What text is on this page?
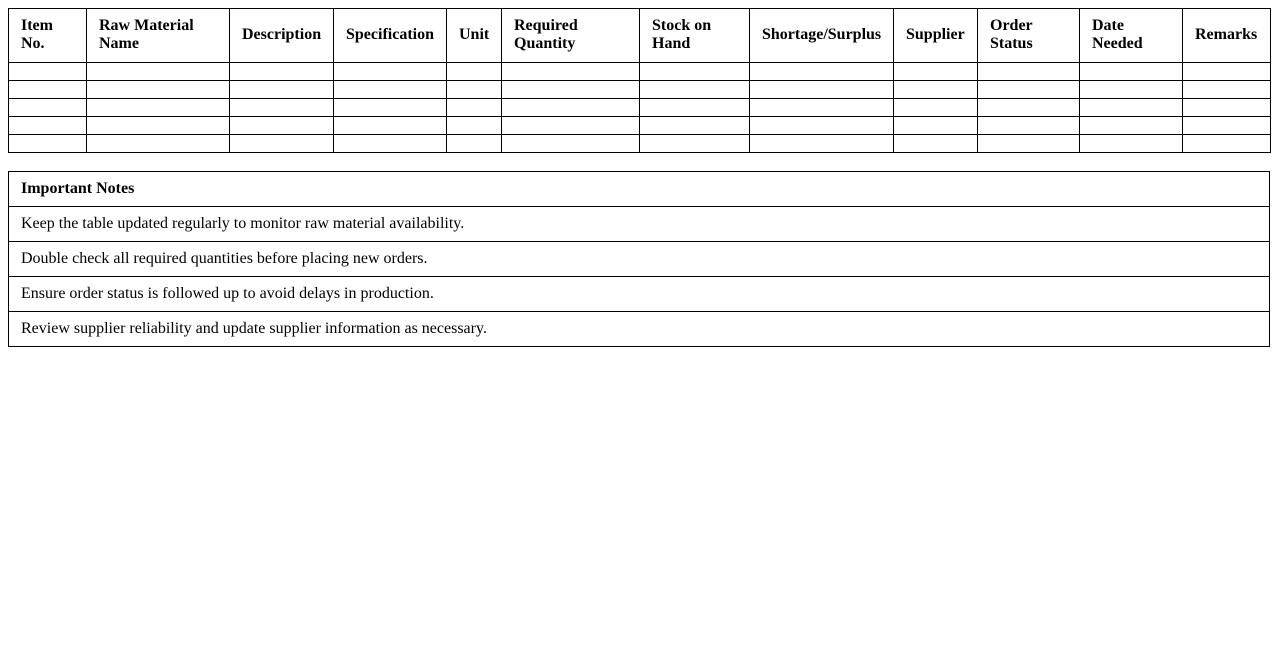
Item No.	Raw Material Name	Description	Specification	Unit	Required Quantity	Stock on Hand	Shortage/Surplus	Supplier	Order Status	Date Needed	Remarks

Important Notes
Keep the table updated regularly to monitor raw material availability.
Double check all required quantities before placing new orders.
Ensure order status is followed up to avoid delays in production.
Review supplier reliability and update supplier information as necessary.
